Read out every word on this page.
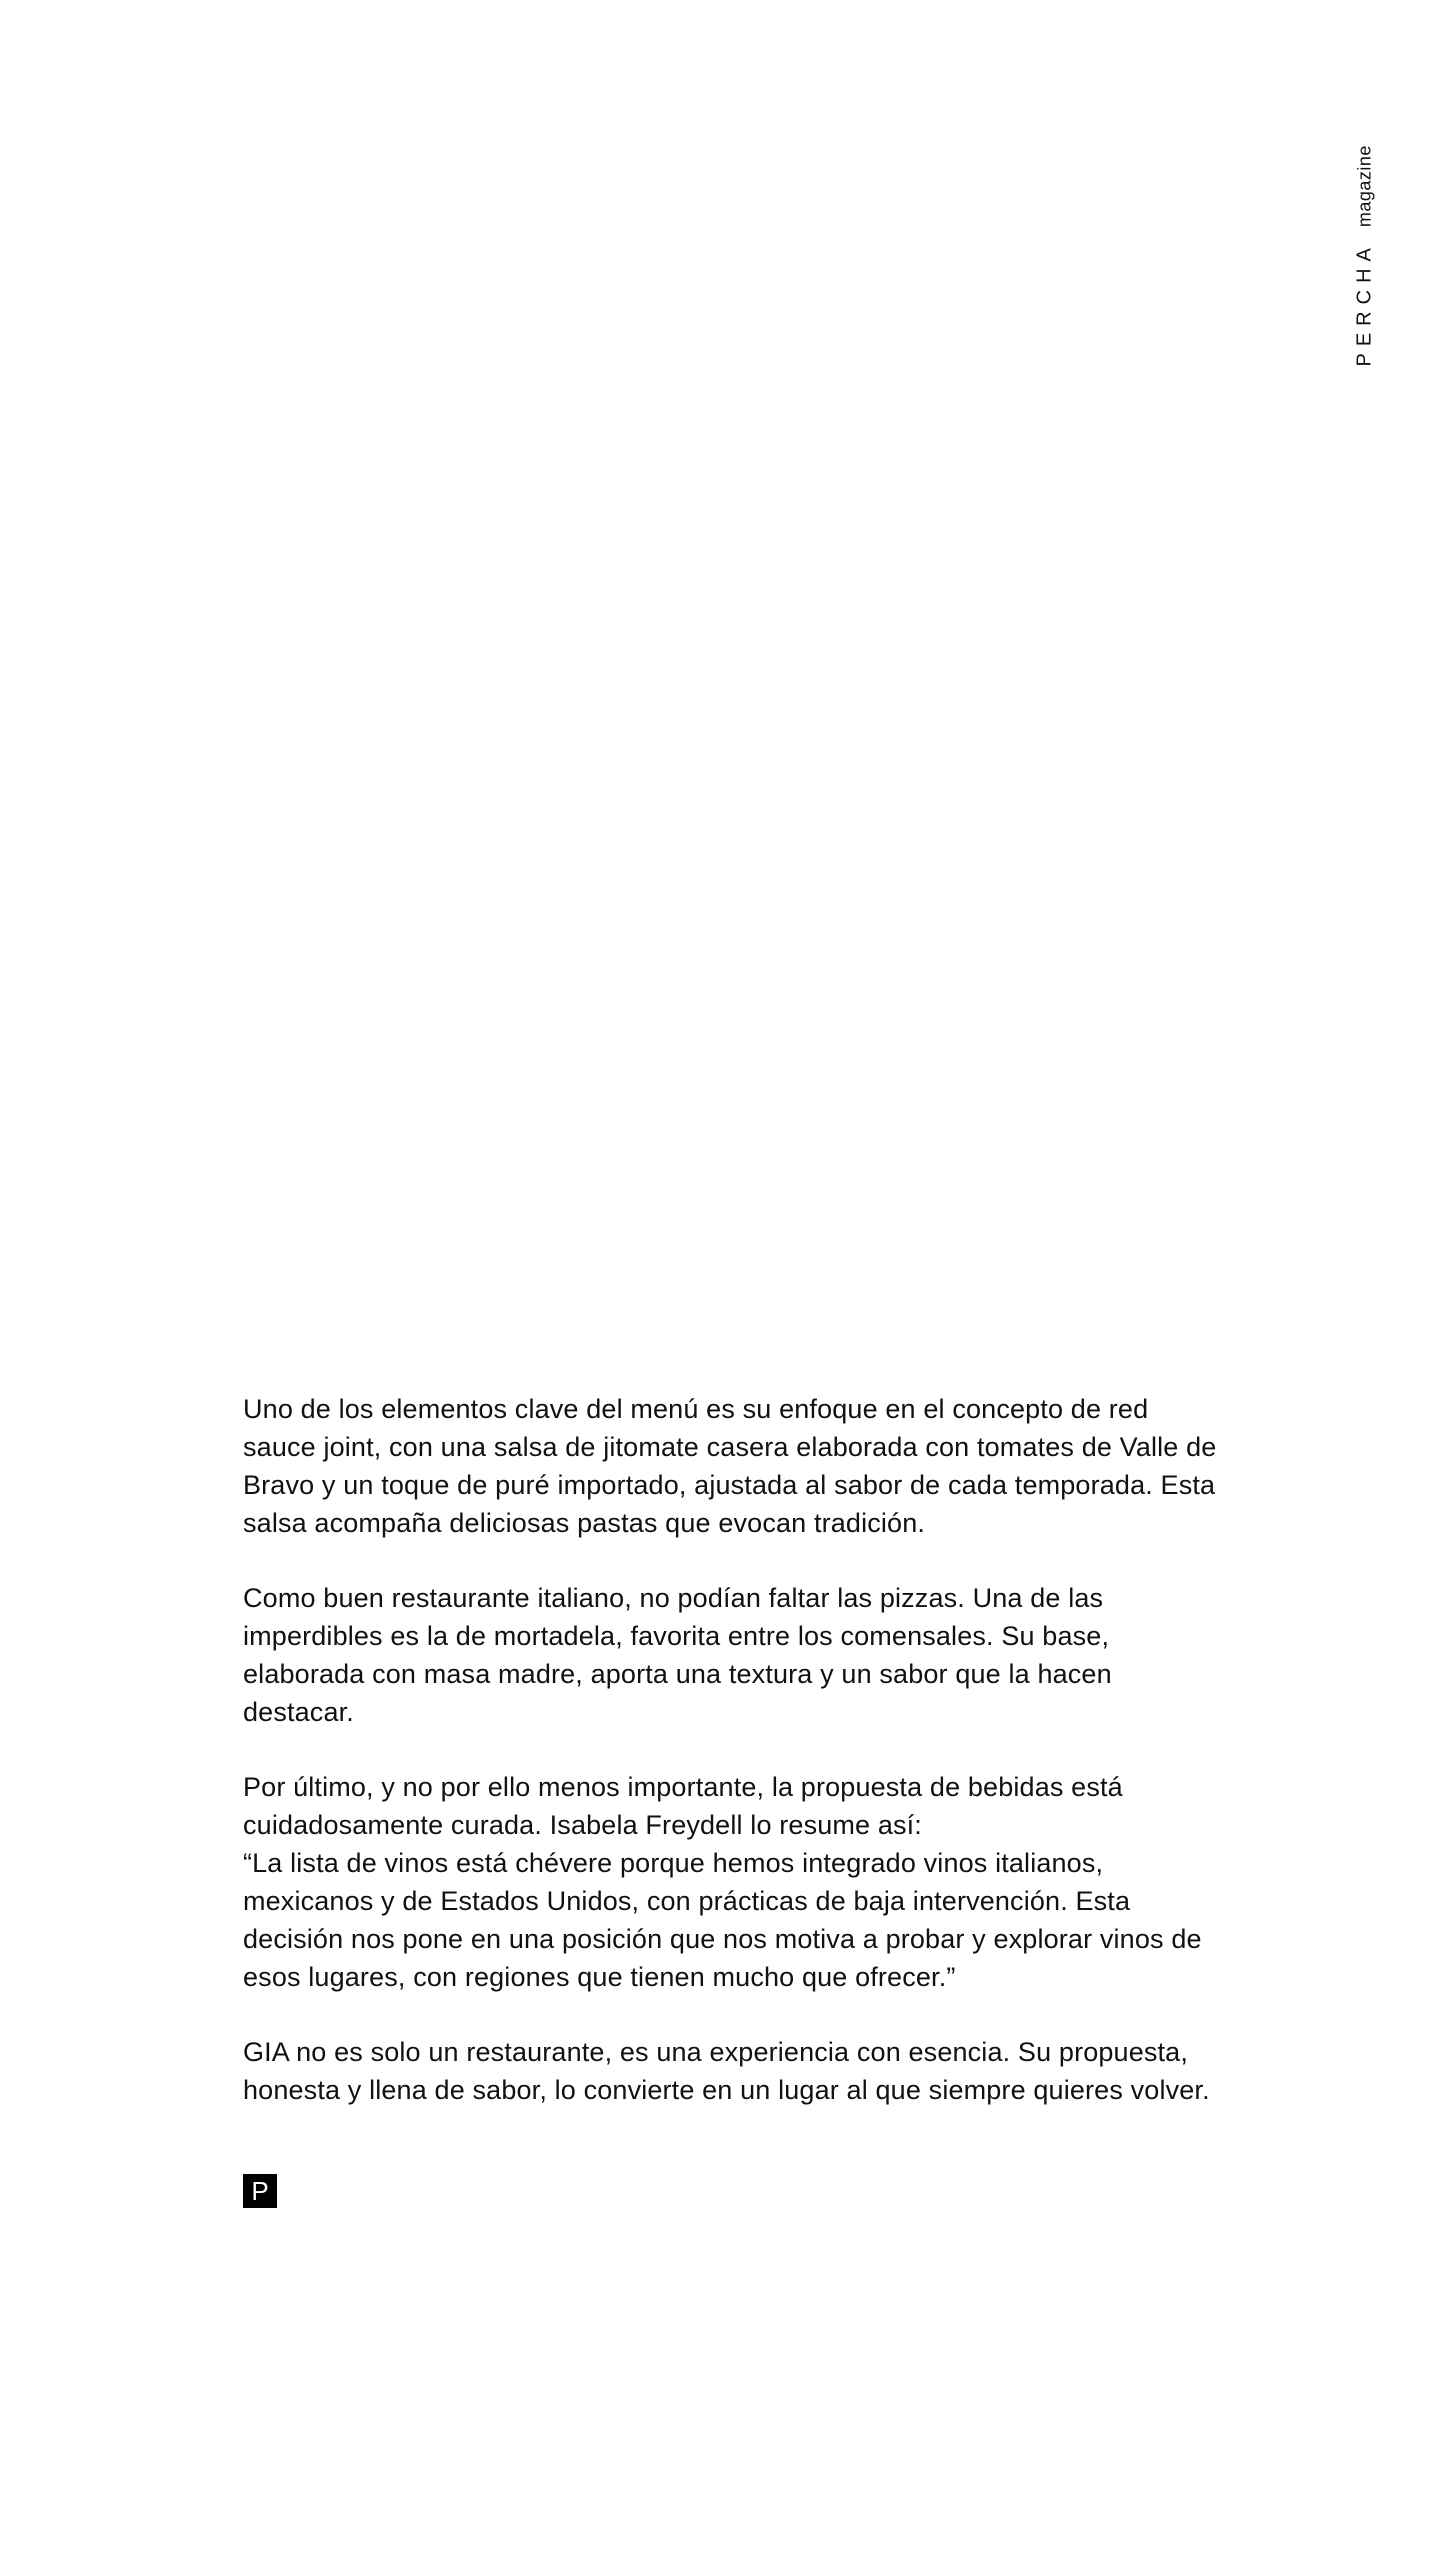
PERCHA
magazine

Uno de los elementos clave del menú es su enfoque en el concepto de red sauce joint, con una salsa de jitomate casera elaborada con tomates de Valle de Bravo y un toque de puré importado, ajustada al sabor de cada temporada. Esta salsa acompaña deliciosas pastas que evocan tradición.

Como buen restaurante italiano, no podían faltar las pizzas. Una de las imperdibles es la de mortadela, favorita entre los comensales. Su base, elaborada con masa madre, aporta una textura y un sabor que la hacen destacar.

Por último, y no por ello menos importante, la propuesta de bebidas está cuidadosamente curada. Isabela Freydell lo resume así:
“La lista de vinos está chévere porque hemos integrado vinos italianos, mexicanos y de Estados Unidos, con prácticas de baja intervención. Esta decisión nos pone en una posición que nos motiva a probar y explorar vinos de esos lugares, con regiones que tienen mucho que ofrecer.”

GIA no es solo un restaurante, es una experiencia con esencia. Su propuesta, honesta y llena de sabor, lo convierte en un lugar al que siempre quieres volver.

P
